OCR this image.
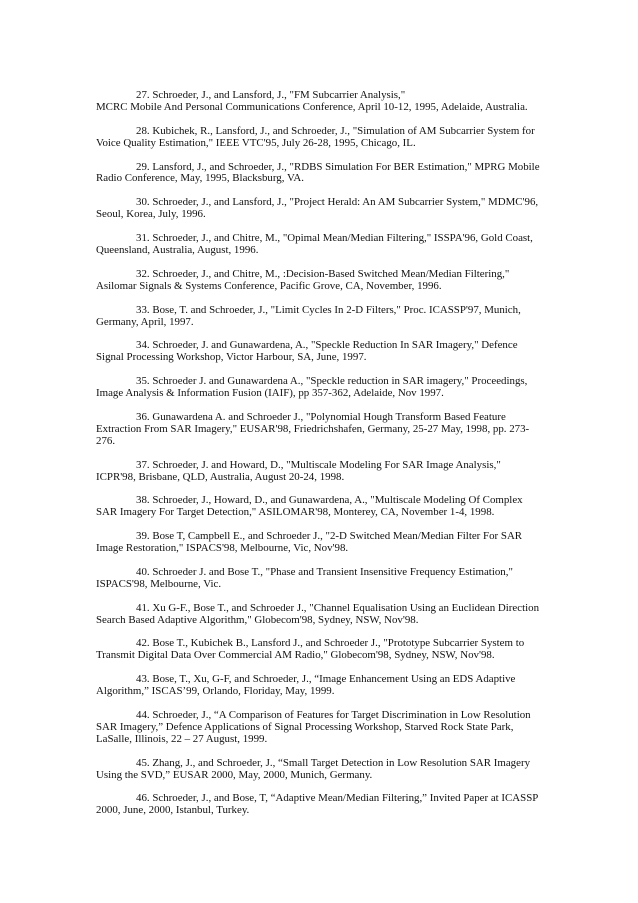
27. Schroeder, J., and Lansford, J., "FM Subcarrier Analysis,"
MCRC Mobile And Personal Communications Conference, April 10-12, 1995, Adelaide, Australia.
28. Kubichek, R., Lansford, J., and Schroeder, J., "Simulation of AM Subcarrier System for
Voice Quality Estimation," IEEE VTC'95, July 26-28, 1995, Chicago, IL.
29. Lansford, J., and Schroeder, J., "RDBS Simulation For BER Estimation," MPRG Mobile
Radio Conference, May, 1995, Blacksburg, VA.
30. Schroeder, J., and Lansford, J., "Project Herald: An AM Subcarrier System," MDMC'96,
Seoul, Korea, July, 1996.
31. Schroeder, J., and Chitre, M., "Opimal Mean/Median Filtering," ISSPA'96, Gold Coast,
Queensland, Australia, August, 1996.
32. Schroeder, J., and Chitre, M., :Decision-Based Switched Mean/Median Filtering,"
Asilomar Signals & Systems Conference, Pacific Grove, CA, November, 1996.
33. Bose, T. and Schroeder, J., "Limit Cycles In 2-D Filters," Proc. ICASSP'97, Munich,
Germany, April, 1997.
34. Schroeder, J. and Gunawardena, A., "Speckle Reduction In SAR Imagery," Defence
Signal Processing Workshop, Victor Harbour, SA, June, 1997.
35. Schroeder J. and Gunawardena A., "Speckle reduction in SAR imagery," Proceedings,
Image Analysis & Information Fusion (IAIF), pp 357-362, Adelaide, Nov 1997.
36. Gunawardena A. and Schroeder J., "Polynomial Hough Transform Based Feature
Extraction From SAR Imagery," EUSAR'98, Friedrichshafen, Germany, 25-27 May, 1998, pp. 273-
276.
37. Schroeder, J. and Howard, D., "Multiscale Modeling For SAR Image Analysis,"
ICPR'98, Brisbane, QLD, Australia, August 20-24, 1998.
38. Schroeder, J., Howard, D., and Gunawardena, A., "Multiscale Modeling Of Complex
SAR Imagery For Target Detection," ASILOMAR'98, Monterey, CA, November 1-4, 1998.
39. Bose T, Campbell E., and Schroeder J., "2-D Switched Mean/Median Filter For SAR
Image Restoration," ISPACS'98, Melbourne, Vic, Nov'98.
40. Schroeder J. and Bose T., "Phase and Transient Insensitive Frequency Estimation,"
ISPACS'98, Melbourne, Vic.
41. Xu G-F., Bose T., and Schroeder J., "Channel Equalisation Using an Euclidean Direction
Search Based Adaptive Algorithm," Globecom'98, Sydney, NSW, Nov'98.
42. Bose T., Kubichek B., Lansford J., and Schroeder J., "Prototype Subcarrier System to
Transmit Digital Data Over Commercial AM Radio," Globecom'98, Sydney, NSW, Nov'98.
43. Bose, T., Xu, G-F, and Schroeder, J., “Image Enhancement Using an EDS Adaptive
Algorithm,” ISCAS’99, Orlando, Floriday, May, 1999.
44. Schroeder, J., “A Comparison of Features for Target Discrimination in Low Resolution
SAR Imagery,” Defence Applications of Signal Processing Workshop, Starved Rock State Park,
LaSalle, Illinois, 22 – 27 August, 1999.
45. Zhang, J., and Schroeder, J., “Small Target Detection in Low Resolution SAR Imagery
Using the SVD,” EUSAR 2000, May, 2000, Munich, Germany.
46. Schroeder, J., and Bose, T, “Adaptive Mean/Median Filtering,” Invited Paper at ICASSP
2000, June, 2000, Istanbul, Turkey.
